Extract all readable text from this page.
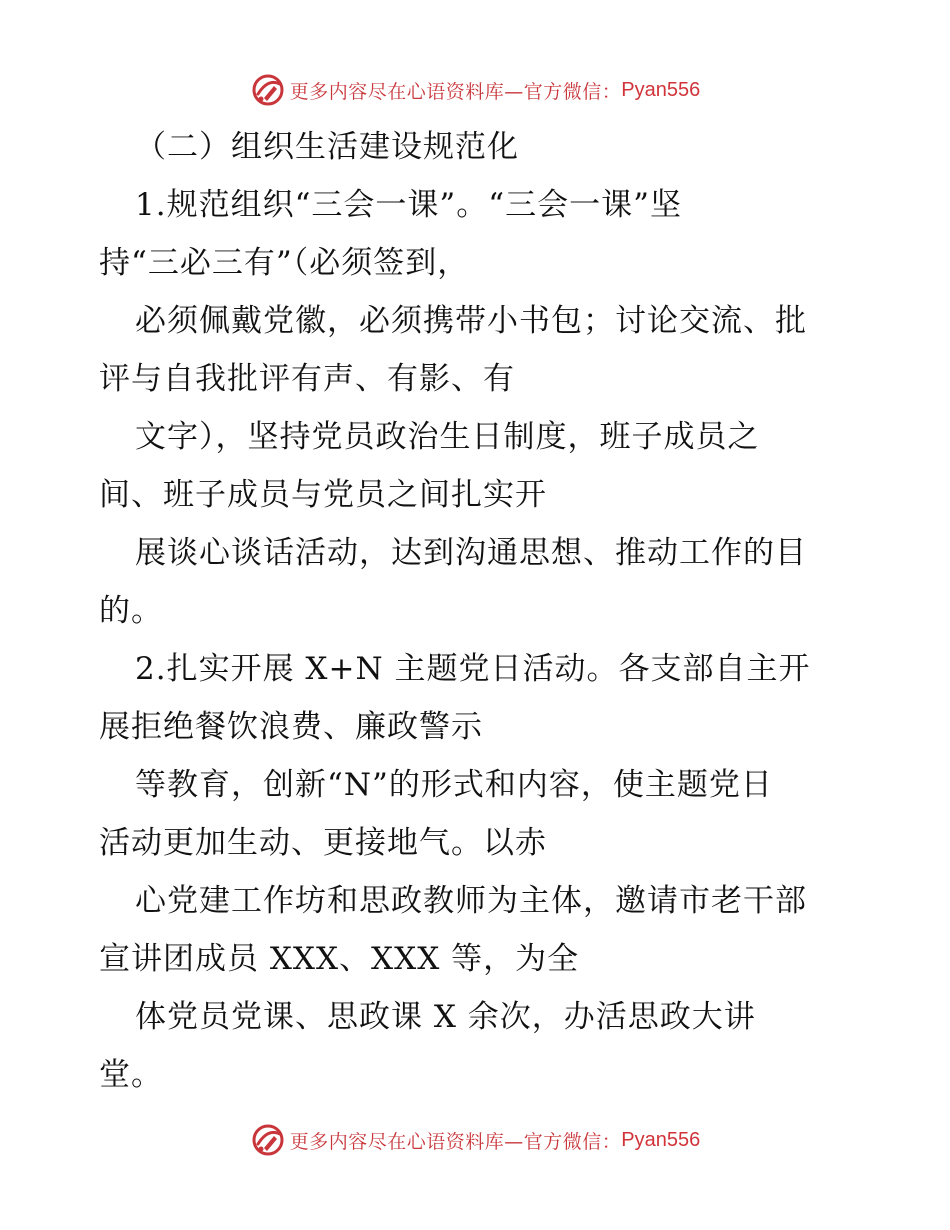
更多内容尽在心语资料库—官方微信： Pyan556
（二）组织生活建设规范化
1.规范组织“三会一课”。“三会一课”坚
持“三必三有”（必须签到，
必须佩戴党徽，必须携带小书包；讨论交流、批
评与自我批评有声、有影、有
文字），坚持党员政治生日制度，班子成员之
间、班子成员与党员之间扎实开
展谈心谈话活动，达到沟通思想、推动工作的目
的。
2.扎实开展 X+N 主题党日活动。各支部自主开
展拒绝餐饮浪费、廉政警示
等教育，创新“N”的形式和内容，使主题党日
活动更加生动、更接地气。以赤
心党建工作坊和思政教师为主体，邀请市老干部
宣讲团成员 XXX、XXX 等，为全
体党员党课、思政课 X 余次，办活思政大讲
堂。
更多内容尽在心语资料库—官方微信： Pyan556
